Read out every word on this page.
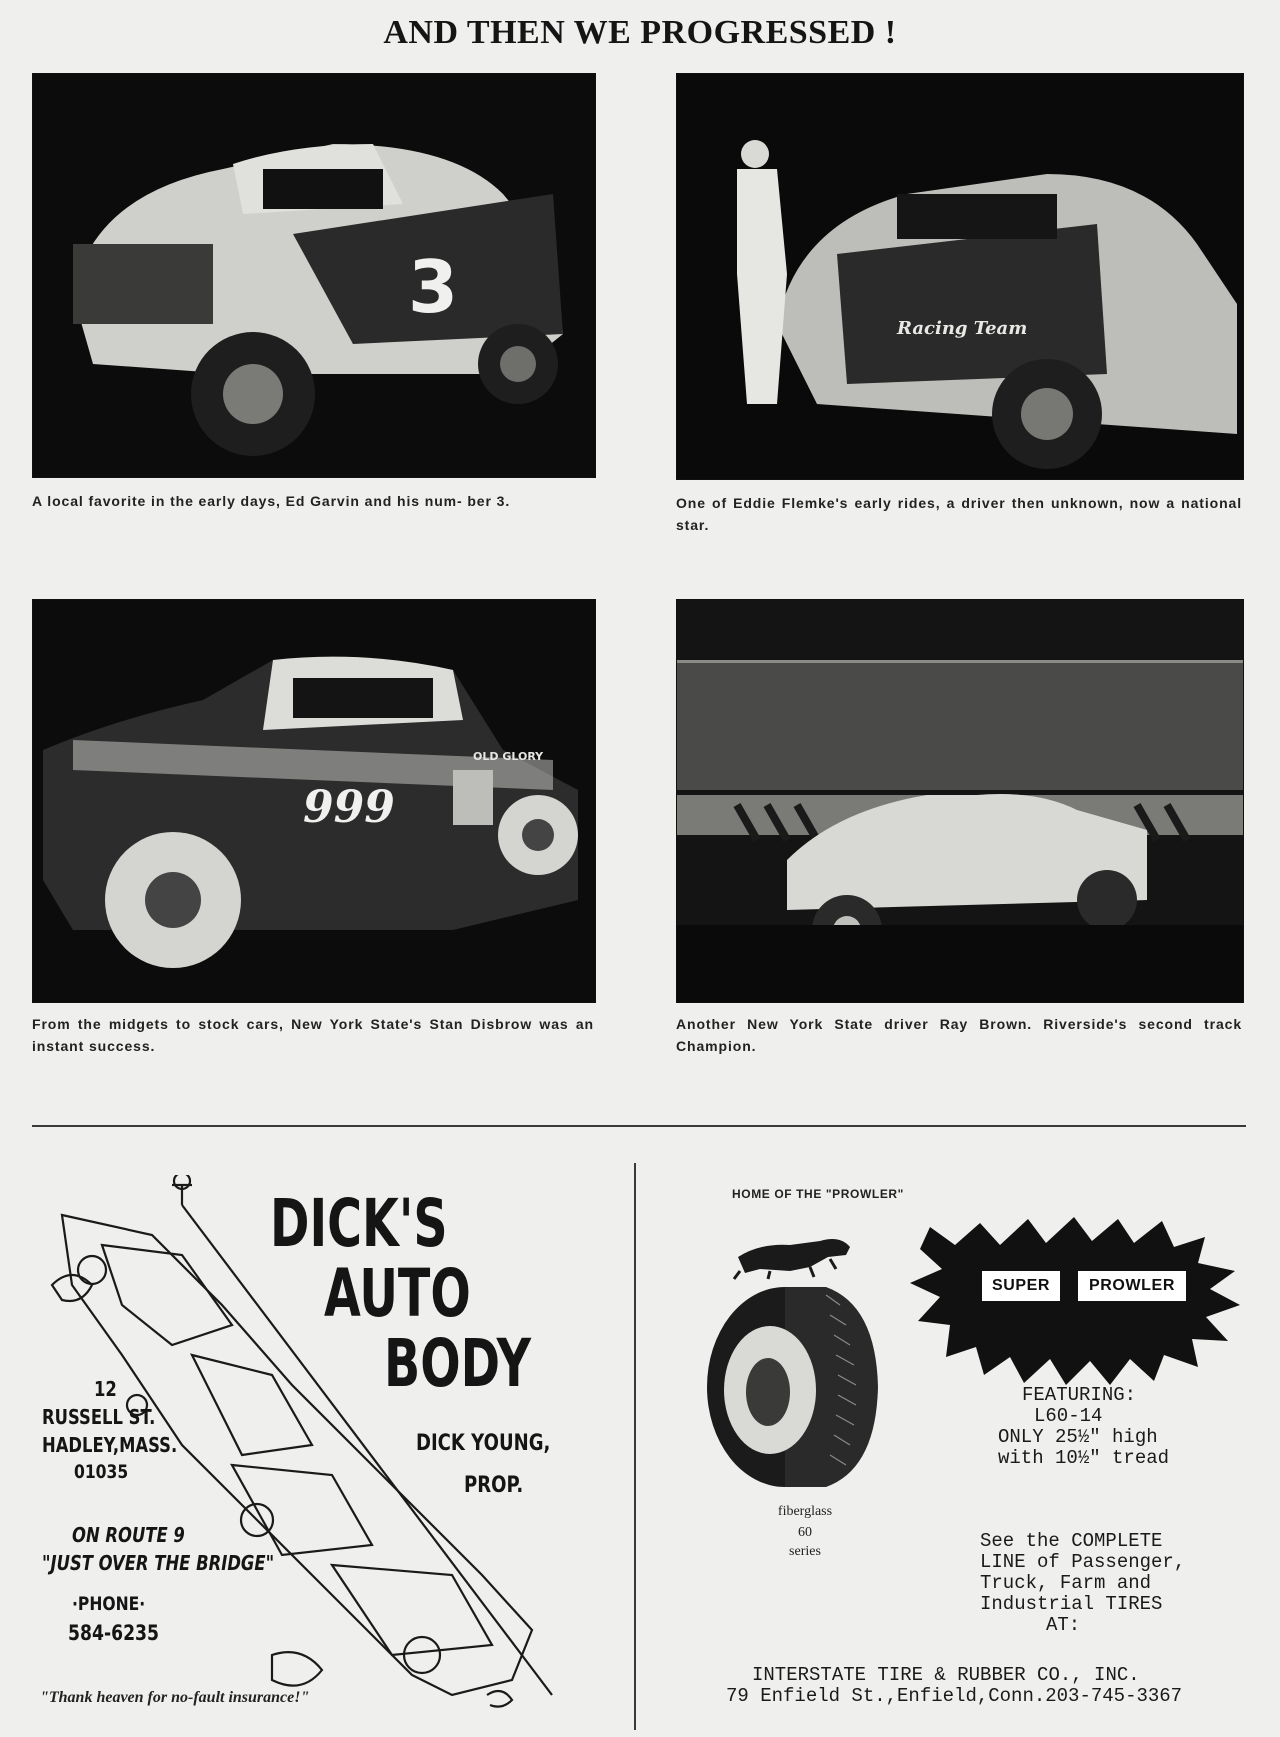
AND THEN WE PROGRESSED !
3
A local favorite in the early days, Ed Garvin and his num- ber 3.
Racing Team
One of Eddie Flemke's early rides, a driver then unknown, now a national star.
OLD GLORY
999
From the midgets to stock cars, New York State's Stan Disbrow was an instant success.
Another New York State driver Ray Brown. Riverside's second track Champion.
DICK'S
AUTO
BODY
12
RUSSELL ST.
HADLEY,MASS.
01035
DICK YOUNG,
PROP.
ON ROUTE 9
"JUST OVER THE BRIDGE"
·PHONE·
584-6235
"Thank heaven for no-fault insurance!"
HOME OF THE "PROWLER"
SUPER	PROWLER
FEATURING:
L60-14
ONLY 25½" high
with 10½" tread
fiberglass
60
series	See the COMPLETE
LINE of Passenger,
Truck, Farm and
Industrial TIRES
AT:
INTERSTATE TIRE & RUBBER CO., INC.
79 Enfield St.,Enfield,Conn.203-745-3367
